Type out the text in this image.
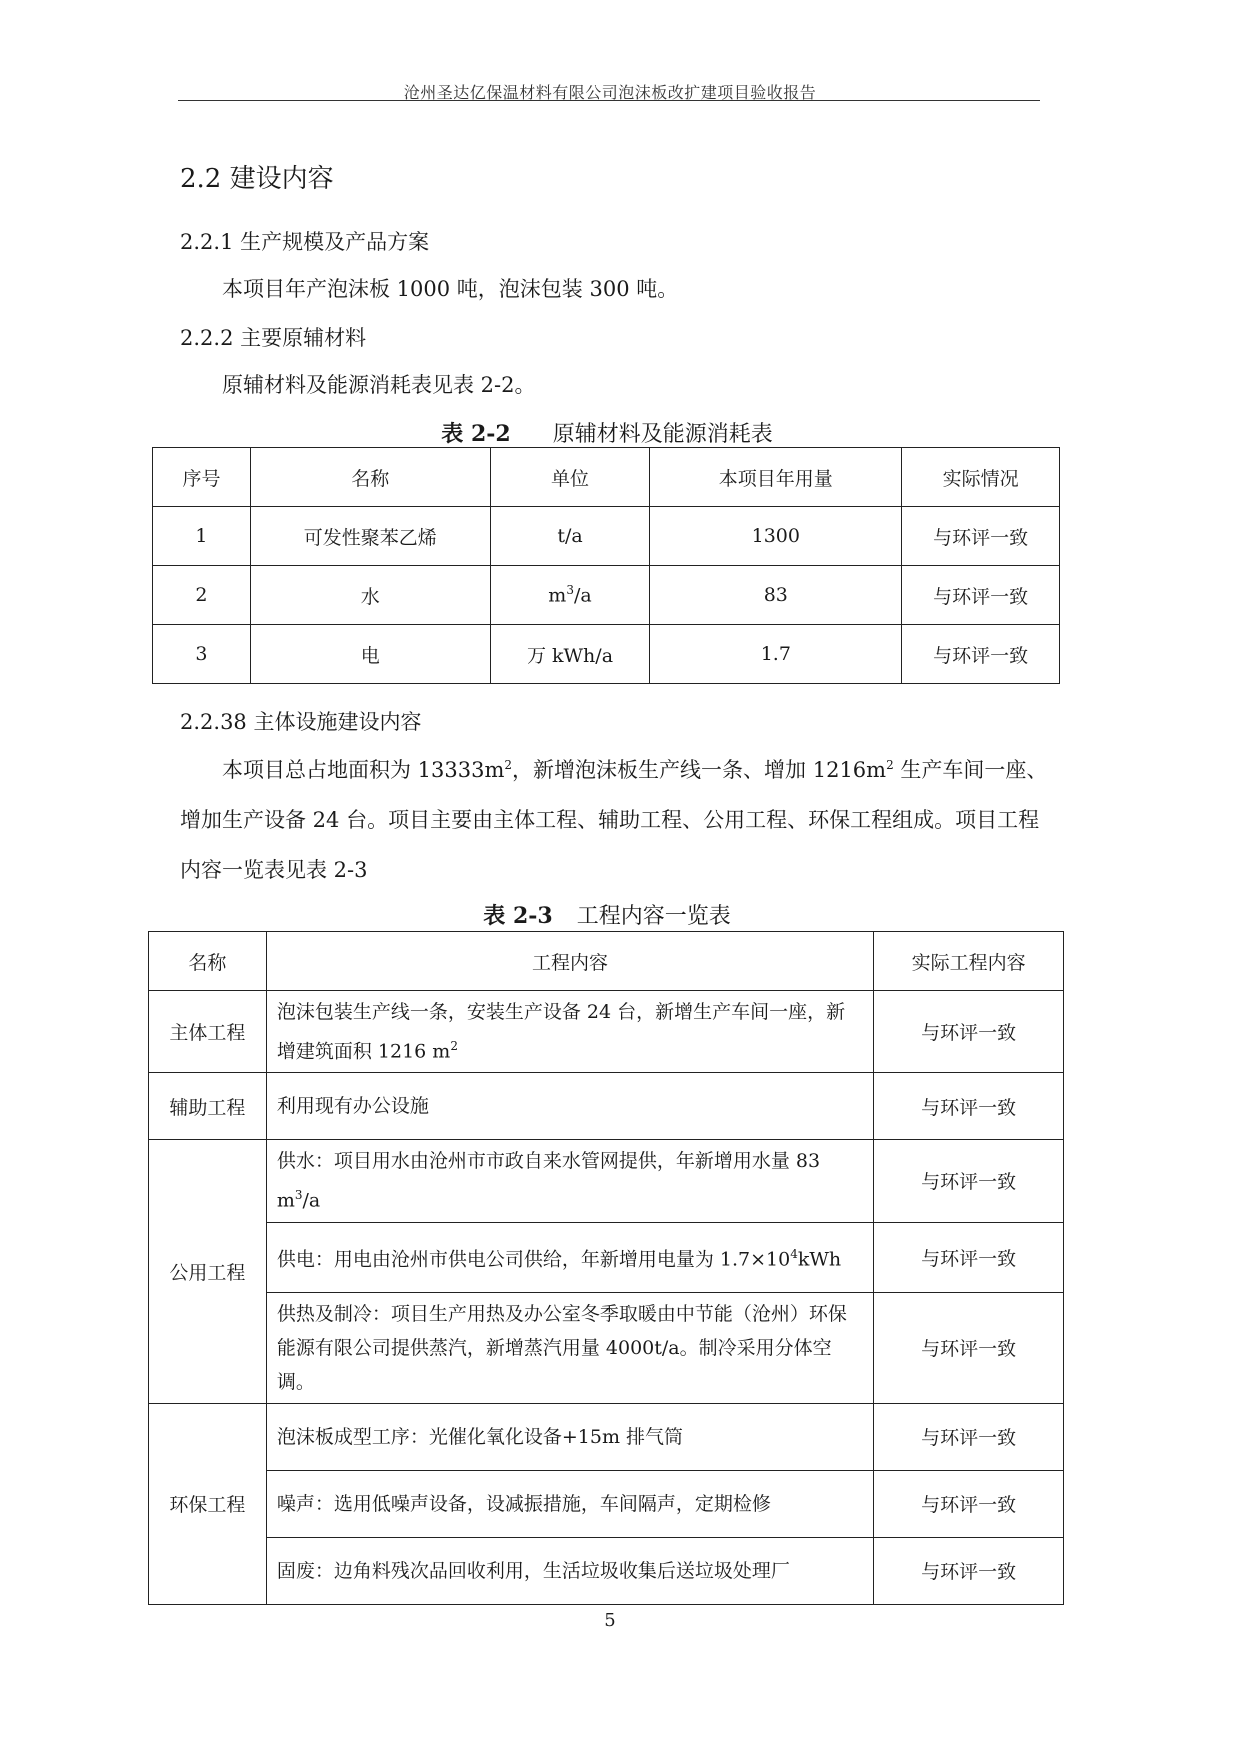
沧州圣达亿保温材料有限公司泡沫板改扩建项目验收报告
2.2 建设内容
2.2.1 生产规模及产品方案
本项目年产泡沫板 1000 吨，泡沫包装 300 吨。
2.2.2 主要原辅材料
原辅材料及能源消耗表见表 2-2。
表 2-2 原辅材料及能源消耗表
序号	名称	单位	本项目年用量	实际情况
1	可发性聚苯乙烯	t/a	1300	与环评一致
2	水	$m^3/a$	83	与环评一致
3	电	万 kWh/a	1.7	与环评一致
2.2.38 主体设施建设内容
本项目总占地面积为 $13333m^2$，新增泡沫板生产线一条、增加 $1216m^2$ 生产车间一座、增加生产设备 24 台。项目主要由主体工程、辅助工程、公用工程、环保工程组成。项目工程内容一览表见表 2-3
表 2-3 工程内容一览表
名称	工程内容	实际工程内容
主体工程	泡沫包装生产线一条，安装生产设备 24 台，新增生产车间一座，新增建筑面积 1216 $m^2$	与环评一致
辅助工程	利用现有办公设施	与环评一致
公用工程	供水：项目用水由沧州市市政自来水管网提供，年新增用水量 83 $m^3/a$	与环评一致
	供电：用电由沧州市供电公司供给，年新增用电量为 $1.7\times 10^4kWh$	与环评一致
	供热及制冷：项目生产用热及办公室冬季取暖由中节能（沧州）环保能源有限公司提供蒸汽，新增蒸汽用量 4000t/a。制冷采用分体空调。	与环评一致
环保工程	泡沫板成型工序：光催化氧化设备+15m 排气筒	与环评一致
	噪声：选用低噪声设备，设减振措施，车间隔声，定期检修	与环评一致
	固废：边角料残次品回收利用，生活垃圾收集后送垃圾处理厂	与环评一致
5
